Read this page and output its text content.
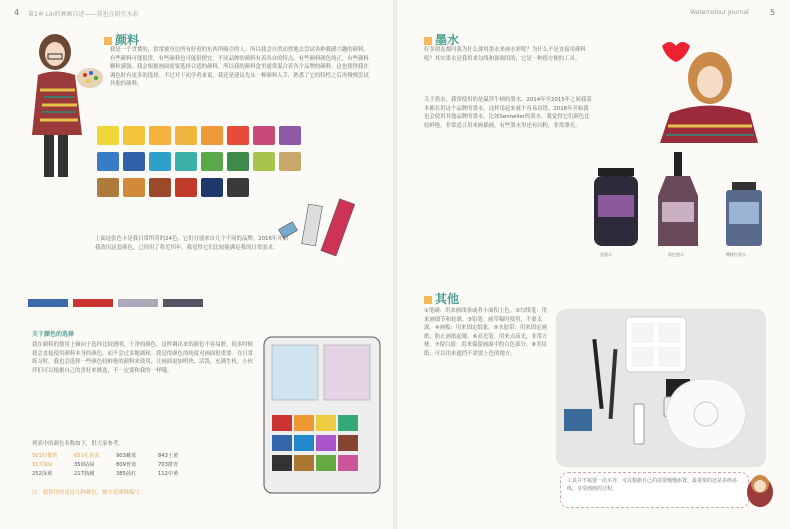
4 第1章 Lin的画画自述——我也在研究水彩
颜料
我是一个贪婪的，常常被身边所有好看的东西所吸引的人。所以我会自然而然地去尝试各种我感兴趣的颜料。有些颜料可能很贵，有些颜料也可能很便宜。不同品牌的颜料有着各自的特点。有些颜料颜色纯正，有些颜料颗粒感强。我会根据画面需要选择合适的颜料。所以我的颜料盒里通常混合着各个品牌的颜料，这也使得我在调色时有更多的选择。不过对于初学者来说，我还是建议先从一种颜料入手，熟悉了它的特性之后再慢慢尝试其他的颜料。
上面这张色卡是我日常所用的24色，它们分别来自几个不同的品牌。2016年开始我改用这套颜色，已经用了将近四年。我觉得它们比较能满足我的日常需求。
关于颜色的选择
我在颜料的使用上倾向于选择比较透明、干净的颜色，这样调出来的颜色不容易脏。很多时候我会直接使用颜料本身的颜色，而不会过多地调和。我觉得颜色的纯度对画面很重要。在日常练习时，我也会选择一些颜色较鲜艳的颜料来使用，让画面更加明快、活泼，充满生机。小伙伴们可以根据自己的喜好来挑选，不一定要和我的一样哦。
列表中的颜色名称如下，供大家参考。
501柠檬黄	651孔雀蓝	903藏蓝	843土黄
317浅绿	350钴绿	809普蓝	703群青
252深黄	217熟赭	385茜红	112中黄
注：我常用的是这几种颜色，数字是颜料编号。
Watercolour Journal	5
墨水
好多朋友都问我为什么要用墨水来画水彩呢？为什么不是直接用颜料呢？其实墨水是我用来勾线和强调用的，它是一种很方便的工具。
关于墨水，我常使用的是温莎牛顿的墨水，2014年至2015年之间我基本都在用这个品牌的墨水，这样用起来就不容易出错。2018年开始我也会使用其他品牌的墨水，比如Sennelier的墨水。我觉得它们颜色比较鲜艳，非常适合用来画插画，有些墨水里还有闪粉，非常漂亮。
黑墨水	彩色墨水	樱桃红墨水
其他
①笔刷：用来画线条或者小面积上色。②勾线笔：用来画细节和轮廓。③铅笔：画草稿时使用，不要太深。④画板：用来固定纸张。⑤水胶带：用来固定画纸，防止画纸起皱。⑥高光笔：用来点高光，非常方便。⑦留白液：用来保留画面中的白色部分。⑧美纹纸：可以用来遮挡不需要上色的地方。
工具并不需要一次买齐，可以根据自己的需要慢慢添置。最重要的还是多画多练，享受画画的过程。
